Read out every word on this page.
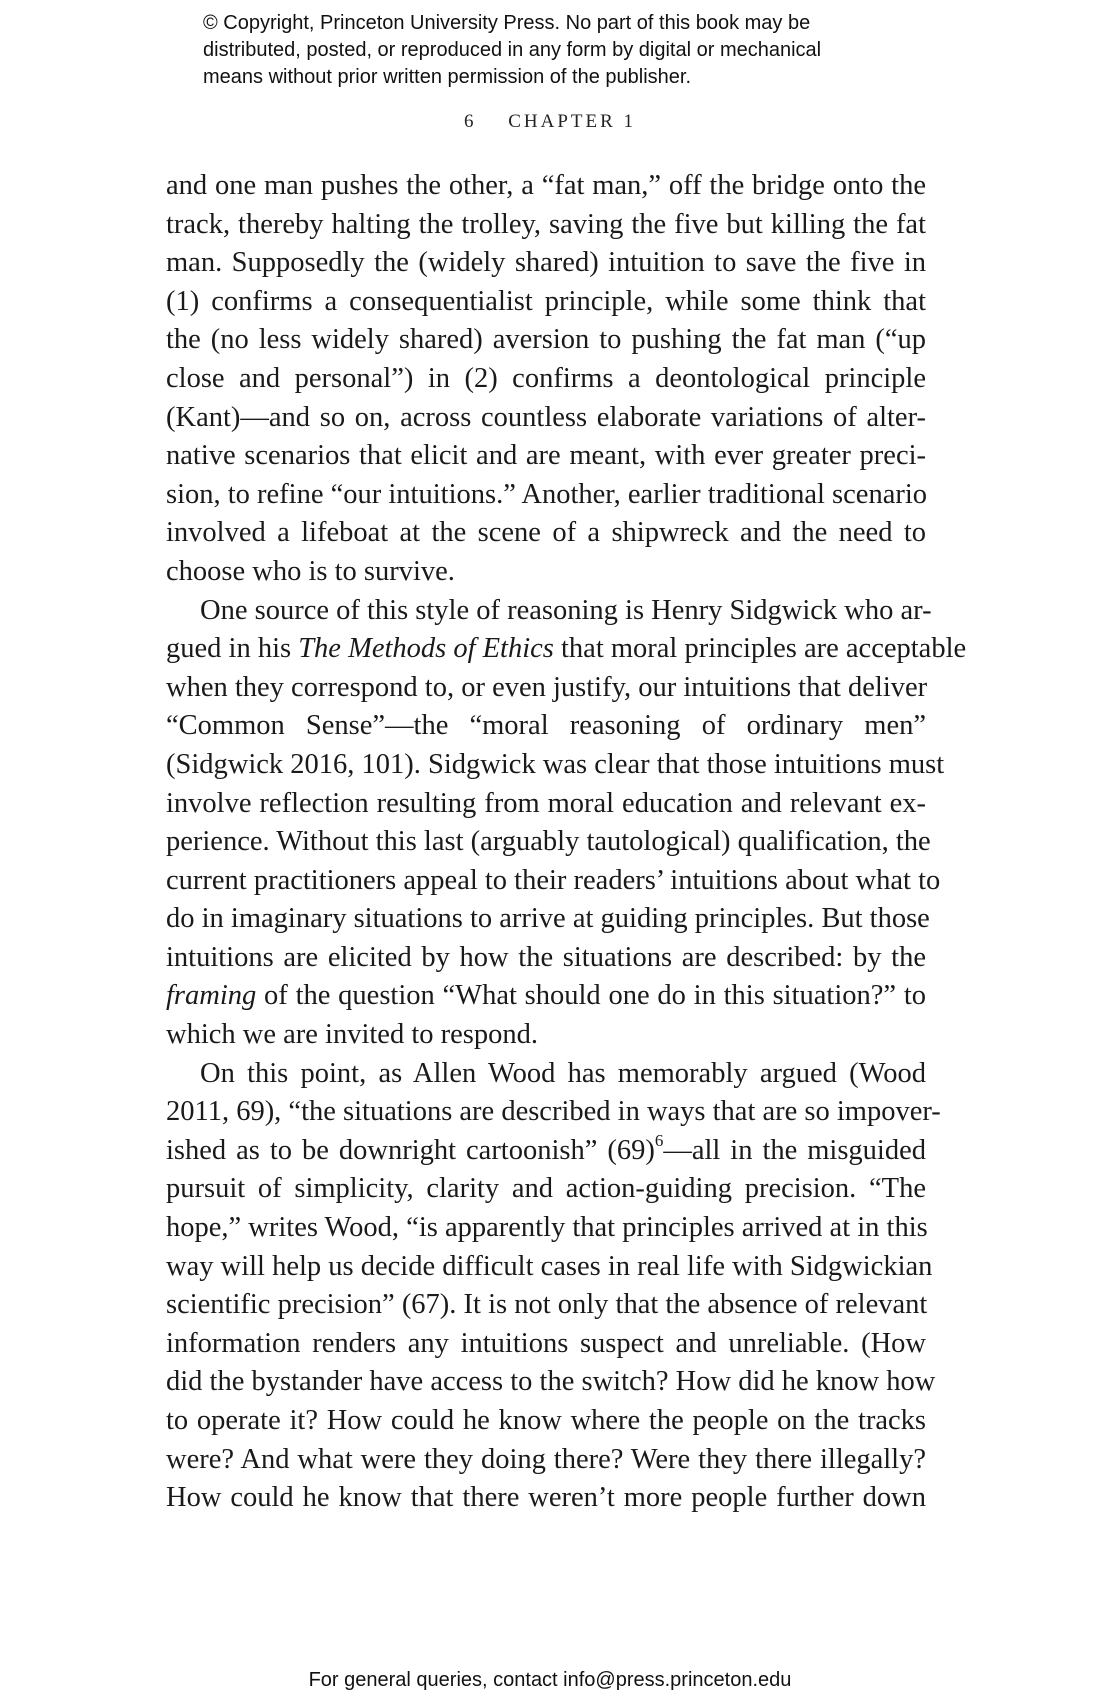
© Copyright, Princeton University Press. No part of this book may be
distributed, posted, or reproduced in any form by digital or mechanical
means without prior written permission of the publisher.
6 CHAPTER 1
and one man pushes the other, a “fat man,” off the bridge onto the
track, thereby halting the trolley, saving the five but killing the fat
man. Supposedly the (widely shared) intuition to save the five in
(1) confirms a consequentialist principle, while some think that
the (no less widely shared) aversion to pushing the fat man (“up
close and personal”) in (2) confirms a deontological principle
(Kant)—and so on, across countless elaborate variations of alter-
native scenarios that elicit and are meant, with ever greater preci-
sion, to refine “our intuitions.” Another, earlier traditional scenario
involved a lifeboat at the scene of a shipwreck and the need to
choose who is to survive.
One source of this style of reasoning is Henry Sidgwick who ar-
gued in his The Methods of Ethics that moral principles are acceptable
when they correspond to, or even justify, our intuitions that deliver
“Common Sense”—the “moral reasoning of ordinary men”
(Sidgwick 2016, 101). Sidgwick was clear that those intuitions must
involve reflection resulting from moral education and relevant ex-
perience. Without this last (arguably tautological) qualification, the
current practitioners appeal to their readers’ intuitions about what to
do in imaginary situations to arrive at guiding principles. But those
intuitions are elicited by how the situations are described: by the
framing of the question “What should one do in this situation?” to
which we are invited to respond.
On this point, as Allen Wood has memorably argued (Wood
2011, 69), “the situations are described in ways that are so impover-
ished as to be downright cartoonish” $(69)^6—all$ in the misguided
pursuit of simplicity, clarity and action-guiding precision. “The
hope,” writes Wood, “is apparently that principles arrived at in this
way will help us decide difficult cases in real life with Sidgwickian
scientific precision” (67). It is not only that the absence of relevant
information renders any intuitions suspect and unreliable. (How
did the bystander have access to the switch? How did he know how
to operate it? How could he know where the people on the tracks
were? And what were they doing there? Were they there illegally?
How could he know that there weren’t more people further down
For general queries, contact info@press.princeton.edu
